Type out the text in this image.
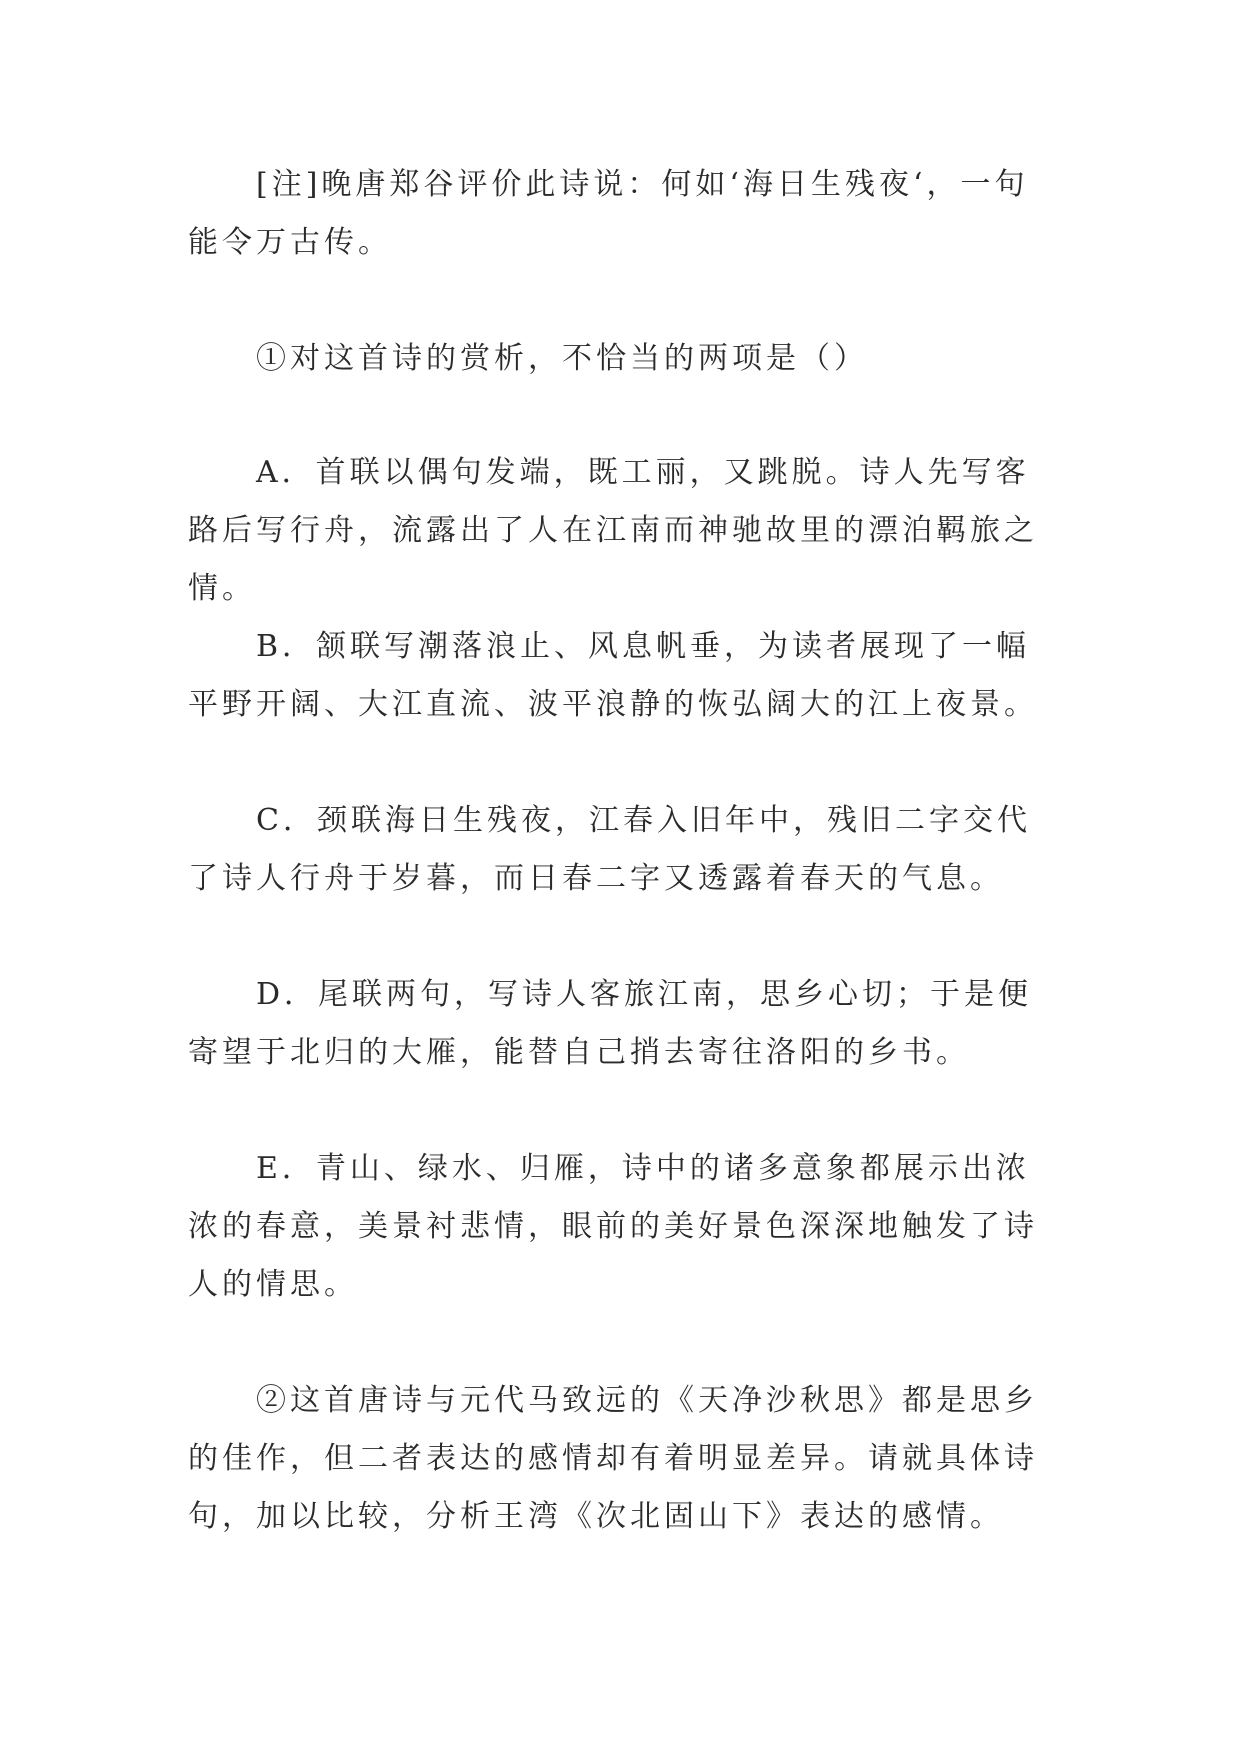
[注]晚唐郑谷评价此诗说：何如‘海日生残夜‘，一句能令万古传。

①对这首诗的赏析，不恰当的两项是（）

A．首联以偶句发端，既工丽，又跳脱。诗人先写客路后写行舟，流露出了人在江南而神驰故里的漂泊羁旅之情。

B．颔联写潮落浪止、风息帆垂，为读者展现了一幅平野开阔、大江直流、波平浪静的恢弘阔大的江上夜景。

C．颈联海日生残夜，江春入旧年中，残旧二字交代了诗人行舟于岁暮，而日春二字又透露着春天的气息。

D．尾联两句，写诗人客旅江南，思乡心切；于是便寄望于北归的大雁，能替自己捎去寄往洛阳的乡书。

E．青山、绿水、归雁，诗中的诸多意象都展示出浓浓的春意，美景衬悲情，眼前的美好景色深深地触发了诗人的情思。

②这首唐诗与元代马致远的《天净沙秋思》都是思乡的佳作，但二者表达的感情却有着明显差异。请就具体诗句，加以比较，分析王湾《次北固山下》表达的感情。
